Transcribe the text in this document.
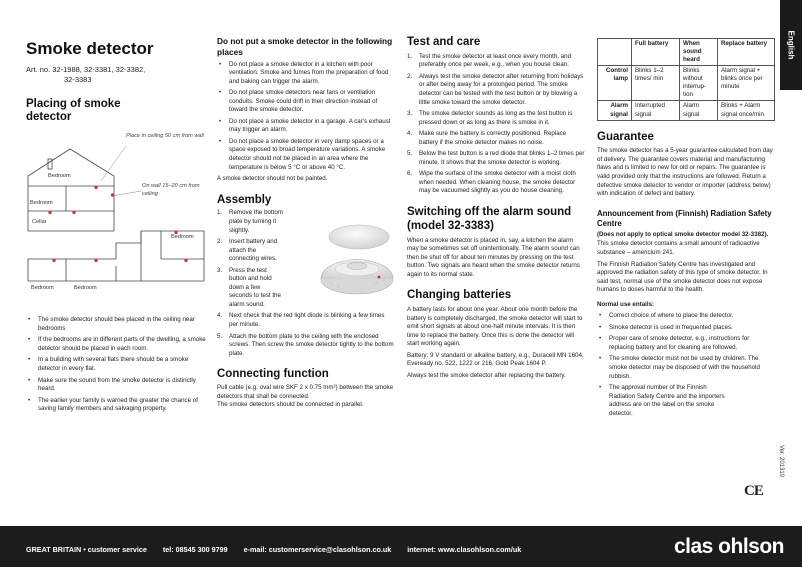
English
Smoke detector
Art. no. 32-1988, 32-3381, 32-3382,
32-3383
Placing of smoke detector
Place in ceiling 50 cm from wall
On wall 15–20 cm from ceiling
Bedroom
Bedroom
Cellar
Bedroom
Bedroom	Bedroom
• The smoke detector should bee placed in the ceiling near bedrooms
• If the bedrooms are in different parts of the dwelling, a smoke detector should be placed in each room.
• In a building with several flats there should be a smoke detector in every flat.
• Make sure the sound from the smoke detector is distinctly heard.
• The earlier your family is warned the greater the chance of saving family members and salvaging property.
Do not put a smoke detector in the following places
• Do not place a smoke detector in a kitchen with poor ventilation. Smoke and fumes from the preparation of food and baking can trigger the alarm.
• Do not place smoke detectors near fans or ventilation conduits. Smoke could drift in their direction instead of toward the smoke detector.
• Do not place a smoke detector in a garage. A car's exhaust may trigger an alarm.
• Do not place a smoke detector in very damp spaces or a space exposed to broad temperature variations. A smoke detector should not be placed in an area where the temperature is below 5 °C or above 40 °C.

A smoke detector should not be painted.

Assembly
1. Remove the bottom plate by turning it slightly.
2. Insert battery and attach the connecting wires.
3. Press the test button and hold down a few seconds to test the alarm sound.
4. Next check that the red light diode is blinking a few times per minute.
5. Attach the bottom plate to the ceiling with the enclosed screws. Then screw the smoke detector tightly to the bottom plate.
Connecting function

Pull cable (e.g. oval wire SKF 2 x 0.75 mm²) between the smoke detectors that shall be connected.

The smoke detectors should be connected in parallel.

Test and care
1. Test the smoke detector at least once every month, and preferably once per week, e.g., when you house clean.
2. Always test the smoke detector after returning from holidays or after being away for a prolonged period. The smoke detector can be tested with the test button or by blowing a little smoke toward the smoke detector.
3. The smoke detector sounds as long as the test button is pressed down or as long as there is smoke in it.
4. Make sure the battery is correctly positioned. Replace battery if the smoke detector makes no noise.
5. Below the test button is a red diode that blinks 1–2 times per minute. It shows that the smoke detector is working.
6. Wipe the surface of the smoke detector with a moist cloth when needed. When cleaning house, the smoke detector may be vacuumed slightly as you do house cleaning.
Switching off the alarm sound (model 32-3383)

When a smoke detector is placed in, say, a kitchen the alarm may be sometimes set off unintentionally. The alarm sound can then be shut off for about ten minutes by pressing on the test button. Two signals are heard when the smoke detector returns again to its normal state.

Changing batteries

A battery lasts for about one year. About one month before the battery is completely discharged, the smoke detector will start to emit short signals at about one-half minute intervals. It is then time to replace the battery. Once this is done the detector will start working again.

Battery: 9 V standard or alkaline battery, e.g., Duracell MN 1604, Eveready no. 522, 1222 or 216, Gold Peak 1604 P.

Always test the smoke detector after replacing the battery.

	Full battery	When sound heard	Replace battery
Control lamp	Blinks 1–2 times/ min	Blinks without interrup- tion	Alarm signal + blinks once per minute
Alarm signal	Interrupted signal	Alarm signal	Blinks + Alarm signal once/min
Guarantee

The smoke detector has a 5-year guarantee calculated from day of delivery. The guarantee covers material and manufacturing flaws and is limited to new for old or repairs. The guarantee is valid provided only that the instructions are followed. Return a defective smoke detector to vendor or importer (address below) with indication of defect and battery.

Announcement from (Finnish) Radiation Safety Centre

(Does not apply to optical smoke detector model 32-3382).

This smoke detector contains a small amount of radioactive substance – americium 241.

The Finnish Radiation Safety Centre has investigated and approved the radiation safety of this type of smoke detector. In said test, normal use of the smoke detector does not expose humans to doses harmful to the health.

Normal use entails:

• Correct choice of where to place the detector.
• Smoke detector is used in frequented places.
• Proper care of smoke detector, e.g., instructions for replacing battery and for cleaning are followed.
• The smoke detector must not be used by children. The smoke detector may be disposed of with the household rubbish.
• The approval number of the Finnish Radiation Safety Centre and the importers address are on the label on the smoke detector.
CE
Ver. 201310
GREAT BRITAIN • customer service tel: 08545 300 9799 e-mail: customerservice@clasohlson.co.uk internet: www.clasohlson.com/uk	clas ohlson
